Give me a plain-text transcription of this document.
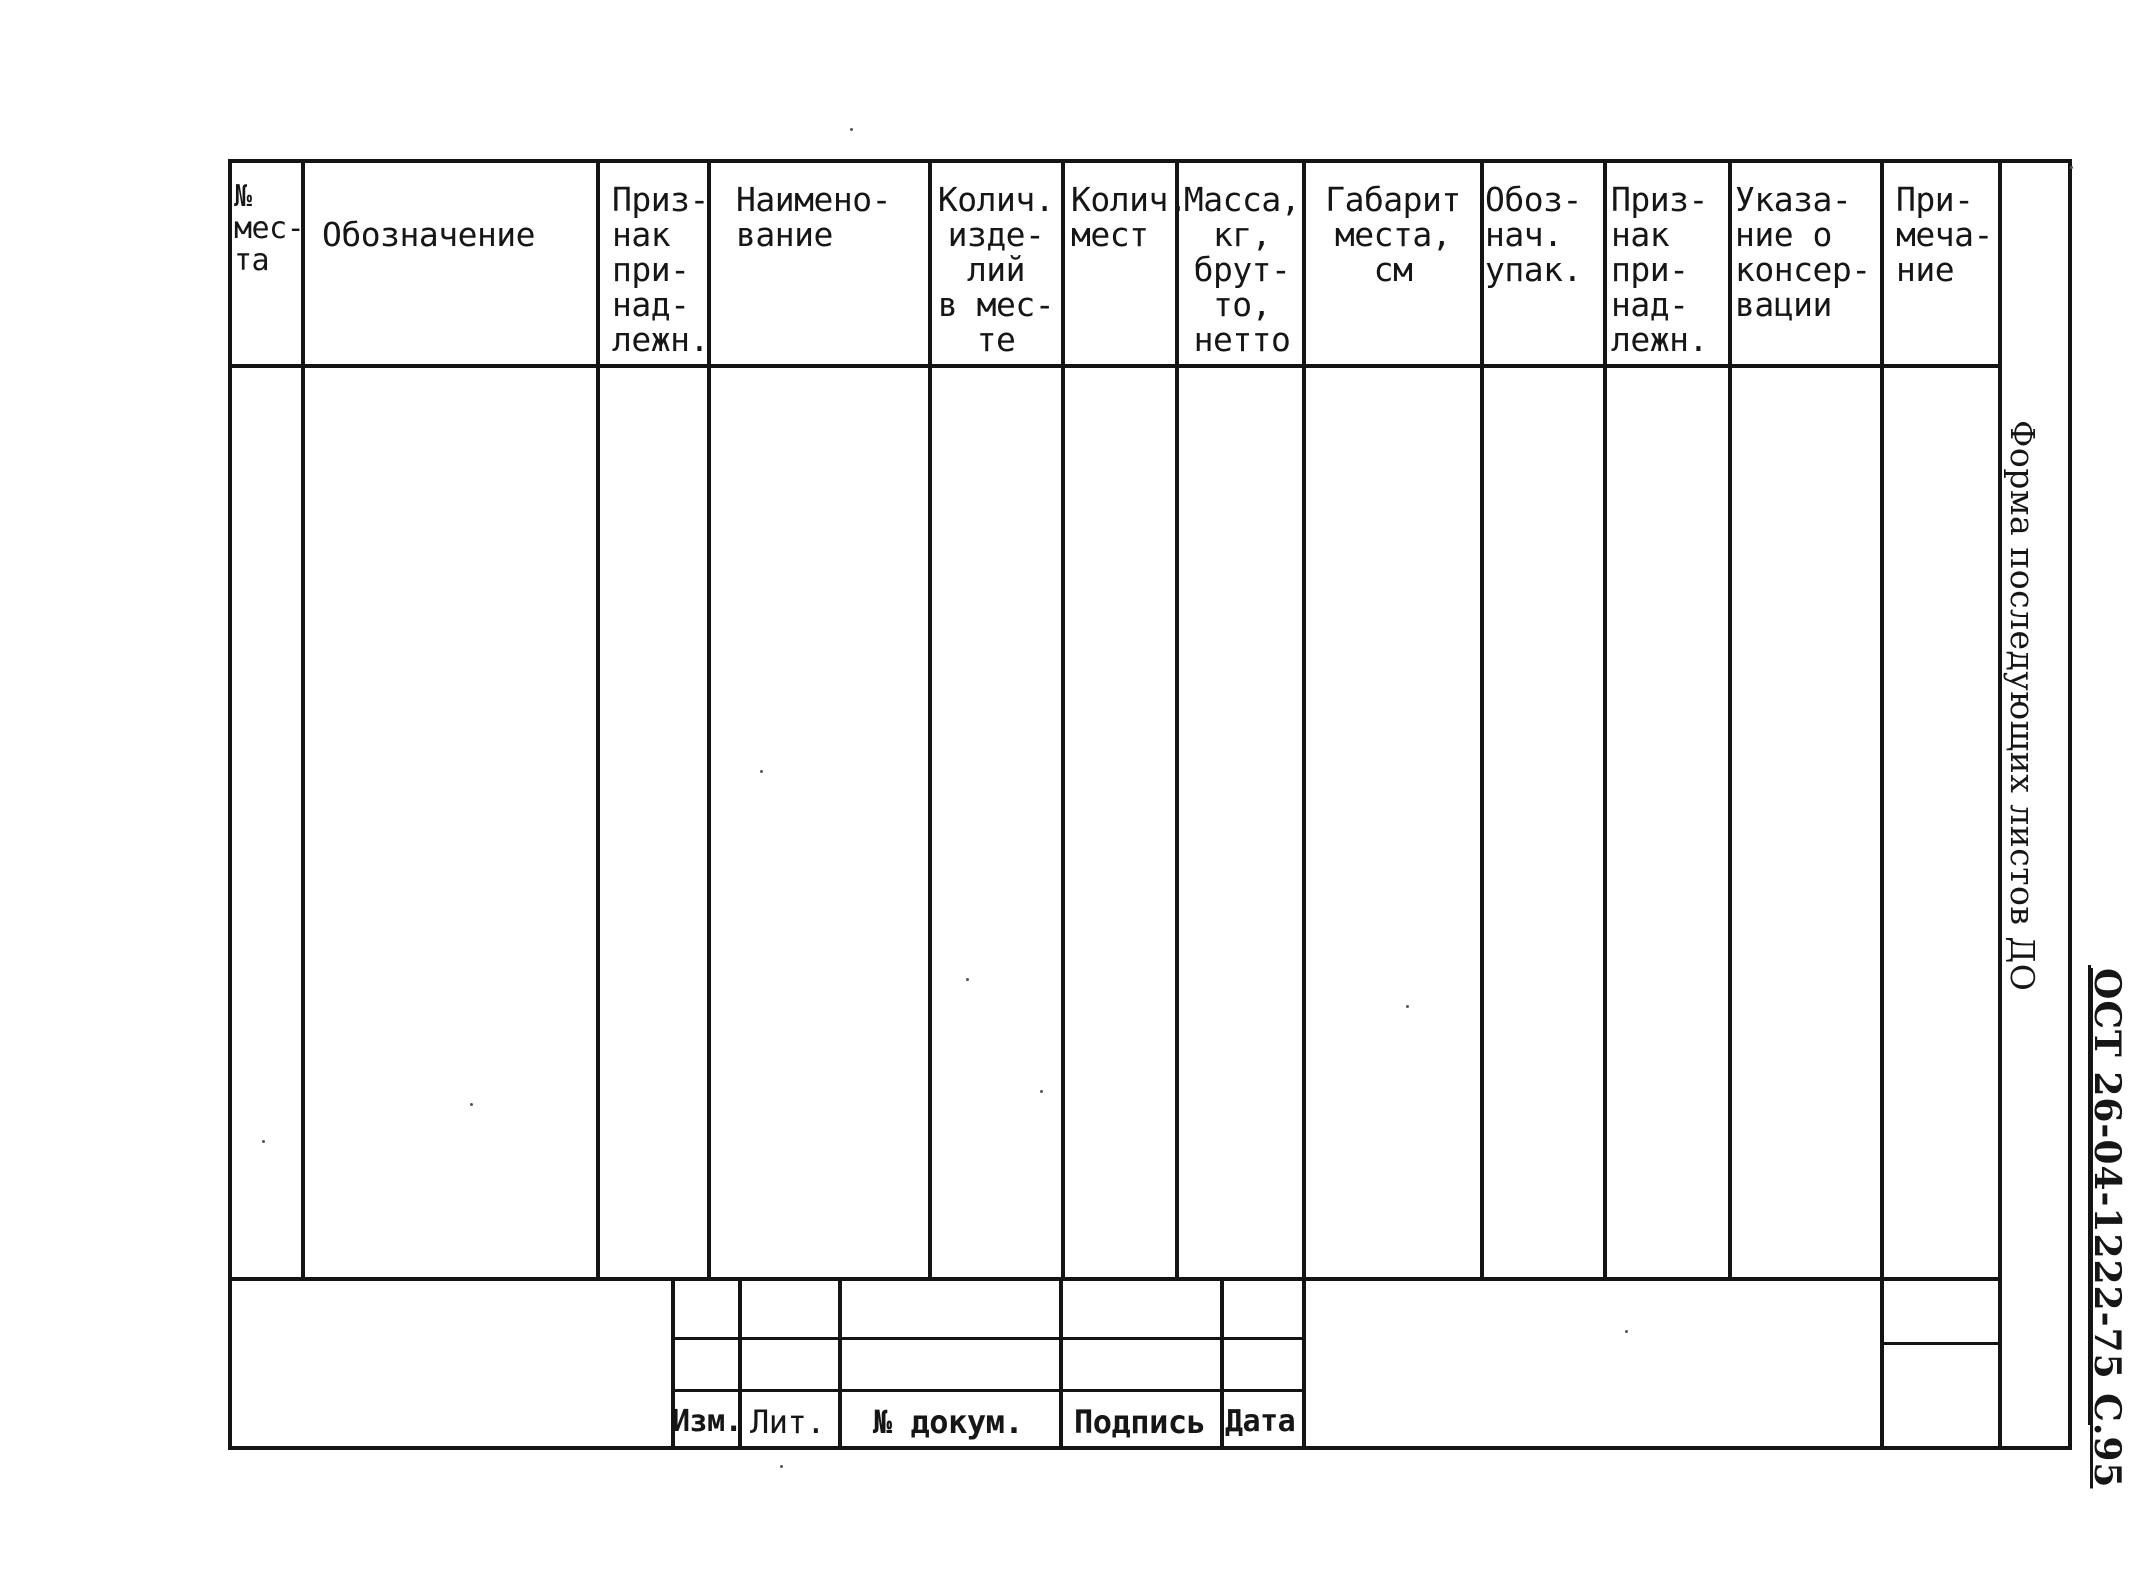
№
мес-
та
Обозначение
Приз-
нак
при-
над-
лежн.
Наимено-
вание
Колич.
изде-
лий
в мес-
те
Колич.
мест
Масса,
кг,
брут-
то,
нетто
Габарит
места,
см
Обоз-
нач.
упак.
Приз-
нак
при-
над-
лежн.
Указа-
ние о
консер-
вации
При-
меча-
ние
Изм. Лит. № докум. Подпись Дата
Форма последующих листов ДО
ОСТ 26-04-1222-75 С.95
